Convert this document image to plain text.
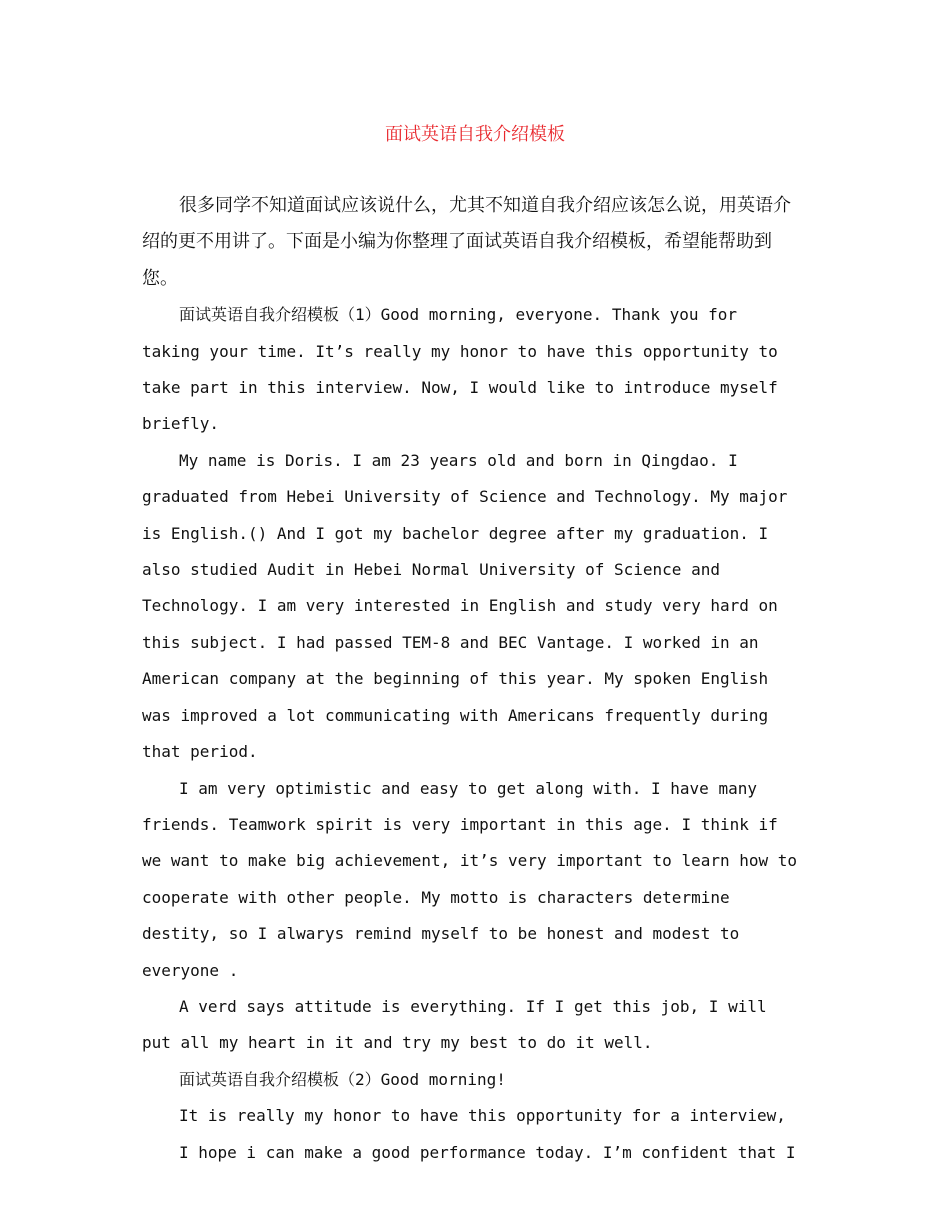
面试英语自我介绍模板

很多同学不知道面试应该说什么，尤其不知道自我介绍应该怎么说，用英语介绍的更不用讲了。下面是小编为你整理了面试英语自我介绍模板，希望能帮助到您。

面试英语自我介绍模板（1）Good morning, everyone. Thank you for taking your time. It’s really my honor to have this opportunity to take part in this interview. Now, I would like to introduce myself briefly.

My name is Doris. I am 23 years old and born in Qingdao. I graduated from Hebei University of Science and Technology. My major is English.() And I got my bachelor degree after my graduation. I also studied Audit in Hebei Normal University of Science and Technology. I am very interested in English and study very hard on this subject. I had passed TEM-8 and BEC Vantage. I worked in an American company at the beginning of this year. My spoken English was improved a lot communicating with Americans frequently during that period.

I am very optimistic and easy to get along with. I have many friends. Teamwork spirit is very important in this age. I think if we want to make big achievement, it’s very important to learn how to cooperate with other people. My motto is characters determine destity, so I alwarys remind myself to be honest and modest to everyone .

A verd says attitude is everything. If I get this job, I will put all my heart in it and try my best to do it well.

面试英语自我介绍模板（2）Good morning!

It is really my honor to have this opportunity for a interview,

I hope i can make a good performance today. I’m confident that I
